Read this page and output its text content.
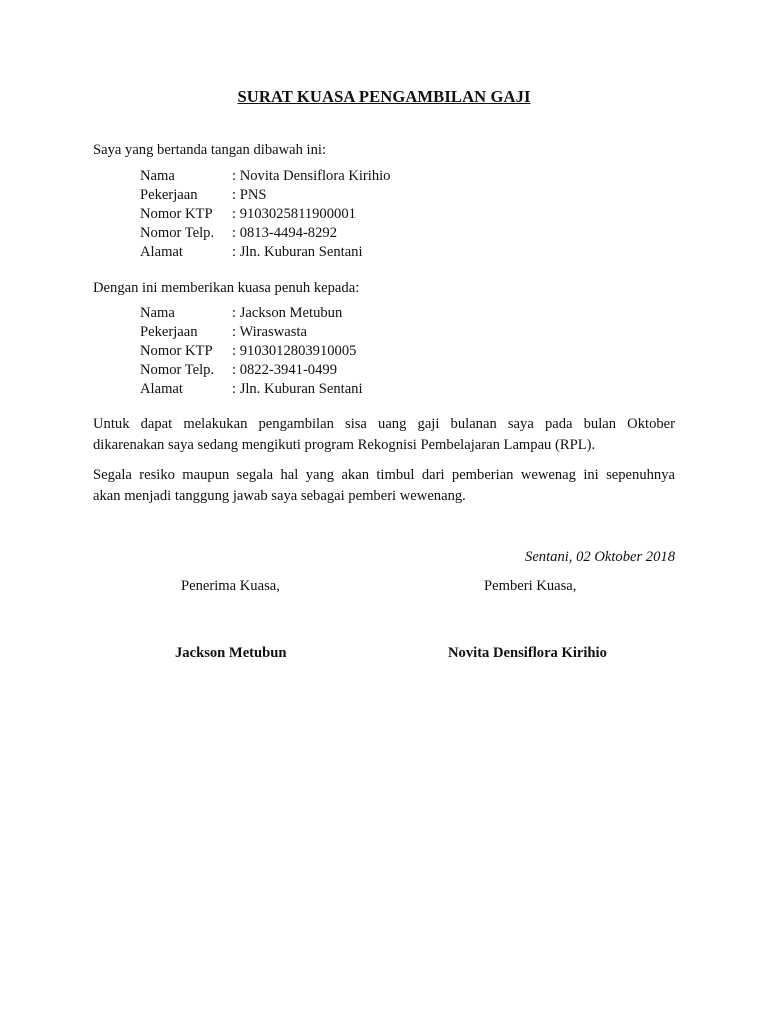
SURAT KUASA PENGAMBILAN GAJI
Saya yang bertanda tangan dibawah ini:
Nama	: Novita Densiflora Kirihio
Pekerjaan : PNS
Nomor KTP : 9103025811900001
Nomor Telp. : 0813-4494-8292
Alamat	: Jln. Kuburan Sentani
Dengan ini memberikan kuasa penuh kepada:
Nama	: Jackson Metubun
Pekerjaan : Wiraswasta
Nomor KTP : 9103012803910005
Nomor Telp. : 0822-3941-0499
Alamat	: Jln. Kuburan Sentani
Untuk dapat melakukan pengambilan sisa uang gaji bulanan saya pada bulan Oktober
dikarenakan saya sedang mengikuti program Rekognisi Pembelajaran Lampau (RPL).
Segala resiko maupun segala hal yang akan timbul dari pemberian wewenag ini sepenuhnya
akan menjadi tanggung jawab saya sebagai pemberi wewenang.
Sentani, 02 Oktober 2018
Penerima Kuasa,	Pemberi Kuasa,
Jackson Metubun	Novita Densiflora Kirihio
